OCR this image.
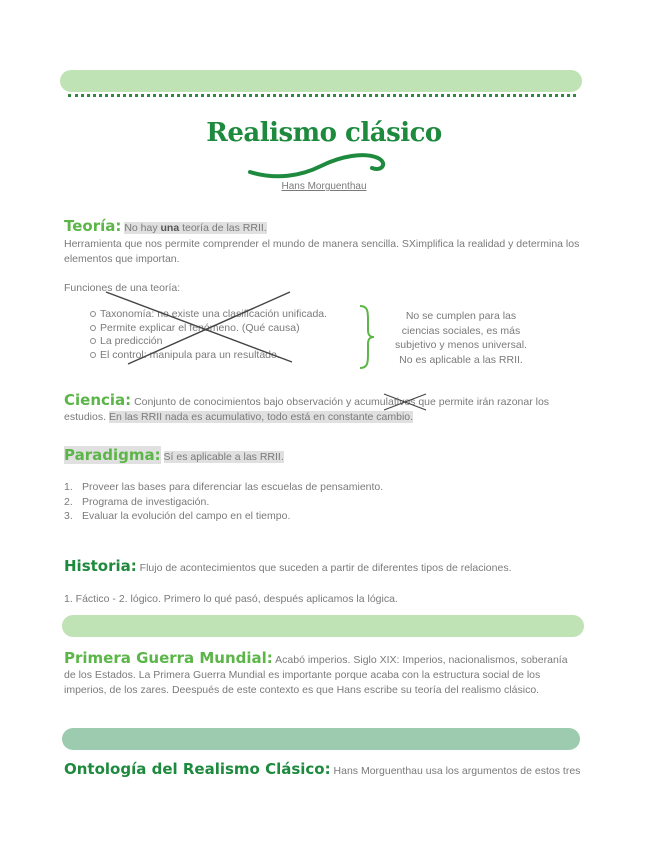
Realismo clásico
Hans Morguenthau
Teoría: No hay una teoría de las RRII.
Herramienta que nos permite comprender el mundo de manera sencilla. SXimplifica la realidad y determina los elementos que importan.
Funciones de una teoría:
Taxonomía: no existe una clasificación unificada.
Permite explicar el fenómeno. (Qué causa)
La predicción
El control: manipula para un resultado.
No se cumplen para las
ciencias sociales, es más
subjetivo y menos universal.
No es aplicable a las RRII.
Ciencia: Conjunto de conocimientos bajo observación y acumulativos que permite irán razonar los estudios. En las RRII nada es acumulativo, todo está en constante cambio.
Paradigma: Sí es aplicable a las RRII.
1. Proveer las bases para diferenciar las escuelas de pensamiento.
2. Programa de investigación.
3. Evaluar la evolución del campo en el tiempo.
Historia: Flujo de acontecimientos que suceden a partir de diferentes tipos de relaciones.
1. Fáctico - 2. lógico. Primero lo qué pasó, después aplicamos la lógica.
Primera Guerra Mundial: Acabó imperios. Siglo XIX: Imperios, nacionalismos, soberanía de los Estados. La Primera Guerra Mundial es importante porque acaba con la estructura social de los imperios, de los zares. Deespués de este contexto es que Hans escribe su teoría del realismo clásico.
Ontología del Realismo Clásico: Hans Morguenthau usa los argumentos de estos tres
